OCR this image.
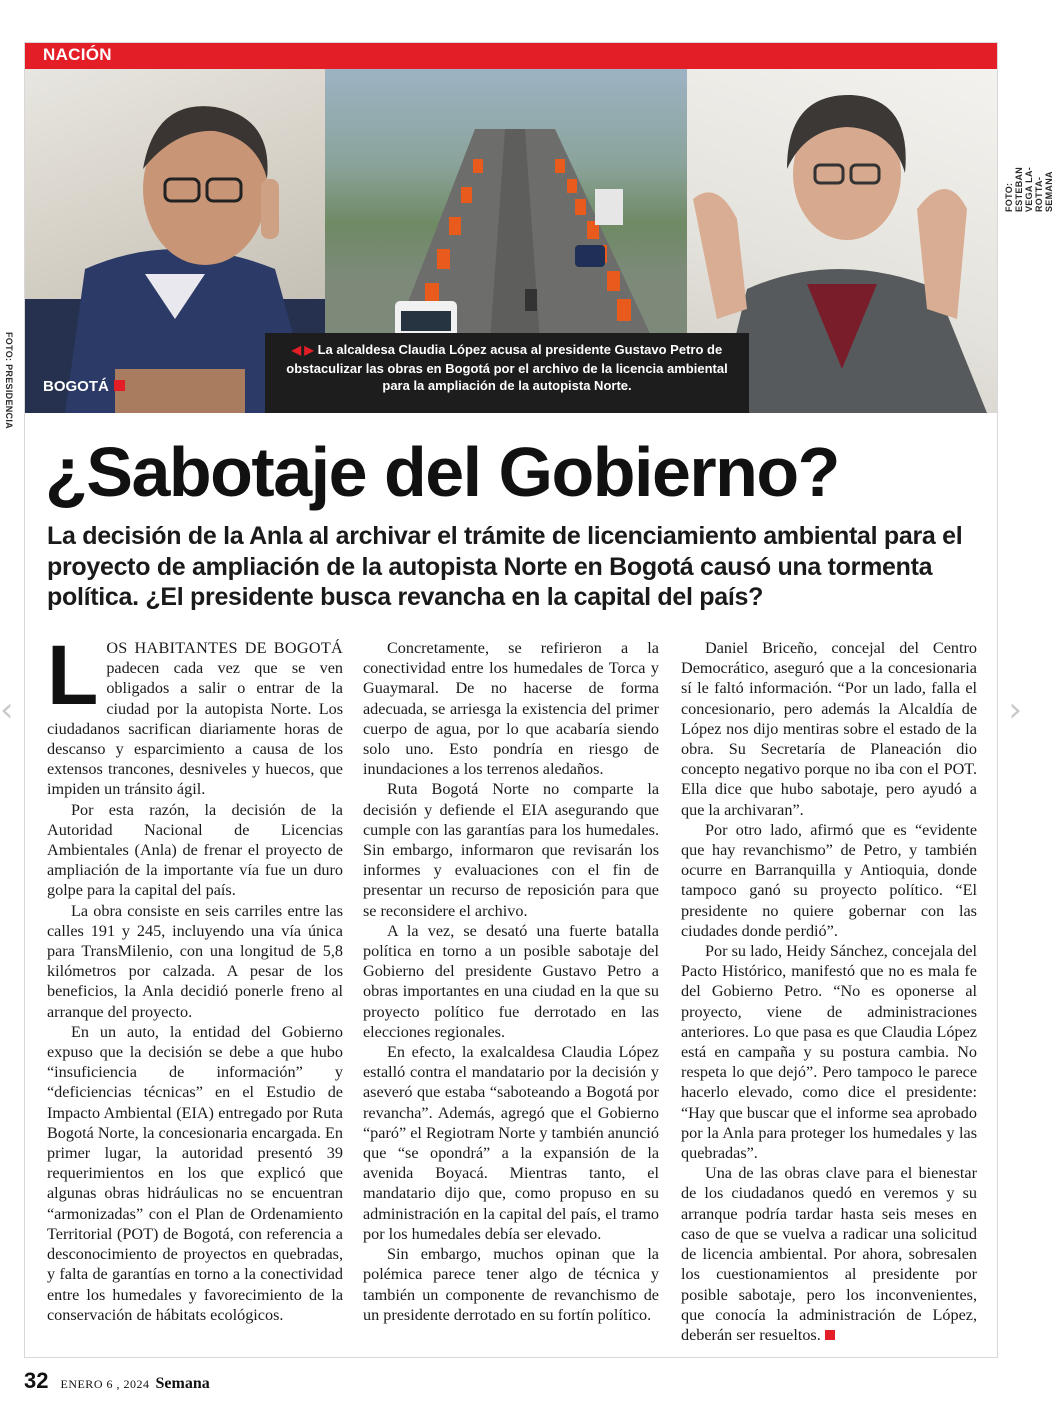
‹	›
NACIÓN
◀ ▶ La alcaldesa Claudia López acusa al presidente Gustavo Petro de obstaculizar las obras en Bogotá por el archivo de la licencia ambiental para la ampliación de la autopista Norte.
BOGOTÁ
¿Sabotaje del Gobierno?
La decisión de la Anla al archivar el trámite de licenciamiento ambiental para el proyecto de ampliación de la autopista Norte en Bogotá causó una tormenta política. ¿El presidente busca revancha en la capital del país?

LOS HABITANTES DE BOGOTÁ padecen cada vez que se ven obligados a salir o entrar de la ciudad por la autopista Norte. Los ciudadanos sacrifican diariamente horas de descanso y esparcimiento a causa de los extensos trancones, desniveles y huecos, que impiden un tránsito ágil.

Por esta razón, la decisión de la Autoridad Nacional de Licencias Ambientales (Anla) de frenar el proyecto de ampliación de la importante vía fue un duro golpe para la capital del país.

La obra consiste en seis carriles entre las calles 191 y 245, incluyendo una vía única para TransMilenio, con una longitud de 5,8 kilómetros por calzada. A pesar de los beneficios, la Anla decidió ponerle freno al arranque del proyecto.

En un auto, la entidad del Gobierno expuso que la decisión se debe a que hubo “insuficiencia de información” y “deficiencias técnicas” en el Estudio de Impacto Ambiental (EIA) entregado por Ruta Bogotá Norte, la concesionaria encargada. En primer lugar, la autoridad presentó 39 requerimientos en los que explicó que algunas obras hidráulicas no se encuentran “armonizadas” con el Plan de Ordenamiento Territorial (POT) de Bogotá, con referencia a desconocimiento de proyectos en quebradas, y falta de garantías en torno a la conectividad entre los humedales y favorecimiento de la conservación de hábitats ecológicos.

Concretamente, se refirieron a la conectividad entre los humedales de Torca y Guaymaral. De no hacerse de forma adecuada, se arriesga la existencia del primer cuerpo de agua, por lo que acabaría siendo solo uno. Esto pondría en riesgo de inundaciones a los terrenos aledaños.

Ruta Bogotá Norte no comparte la decisión y defiende el EIA asegurando que cumple con las garantías para los humedales. Sin embargo, informaron que revisarán los informes y evaluaciones con el fin de presentar un recurso de reposición para que se reconsidere el archivo.

A la vez, se desató una fuerte batalla política en torno a un posible sabotaje del Gobierno del presidente Gustavo Petro a obras importantes en una ciudad en la que su proyecto político fue derrotado en las elecciones regionales.

En efecto, la exalcaldesa Claudia López estalló contra el mandatario por la decisión y aseveró que estaba “saboteando a Bogotá por revancha”. Además, agregó que el Gobierno “paró” el Regiotram Norte y también anunció que “se opondrá” a la expansión de la avenida Boyacá. Mientras tanto, el mandatario dijo que, como propuso en su administración en la capital del país, el tramo por los humedales debía ser elevado.

Sin embargo, muchos opinan que la polémica parece tener algo de técnica y también un componente de revanchismo de un presidente derrotado en su fortín político.

Daniel Briceño, concejal del Centro Democrático, aseguró que a la concesionaria sí le faltó información. “Por un lado, falla el concesionario, pero además la Alcaldía de López nos dijo mentiras sobre el estado de la obra. Su Secretaría de Planeación dio concepto negativo porque no iba con el POT. Ella dice que hubo sabotaje, pero ayudó a que la archivaran”.

Por otro lado, afirmó que es “evidente que hay revanchismo” de Petro, y también ocurre en Barranquilla y Antioquia, donde tampoco ganó su proyecto político. “El presidente no quiere gobernar con las ciudades donde perdió”.

Por su lado, Heidy Sánchez, concejala del Pacto Histórico, manifestó que no es mala fe del Gobierno Petro. “No es oponerse al proyecto, viene de administraciones anteriores. Lo que pasa es que Claudia López está en campaña y su postura cambia. No respeta lo que dejó”. Pero tampoco le parece hacerlo elevado, como dice el presidente: “Hay que buscar que el informe sea aprobado por la Anla para proteger los humedales y las quebradas”.

Una de las obras clave para el bienestar de los ciudadanos quedó en veremos y su arranque podría tardar hasta seis meses en caso de que se vuelva a radicar una solicitud de licencia ambiental. Por ahora, sobresalen los cuestionamientos al presidente por posible sabotaje, pero los inconvenientes, que conocía la administración de López, deberán ser resueltos.

FOTO: PRESIDENCIA
FOTO: ESTEBAN VEGA LA-ROTTA-SEMANA
32 ENERO 6 , 2024 Semana
